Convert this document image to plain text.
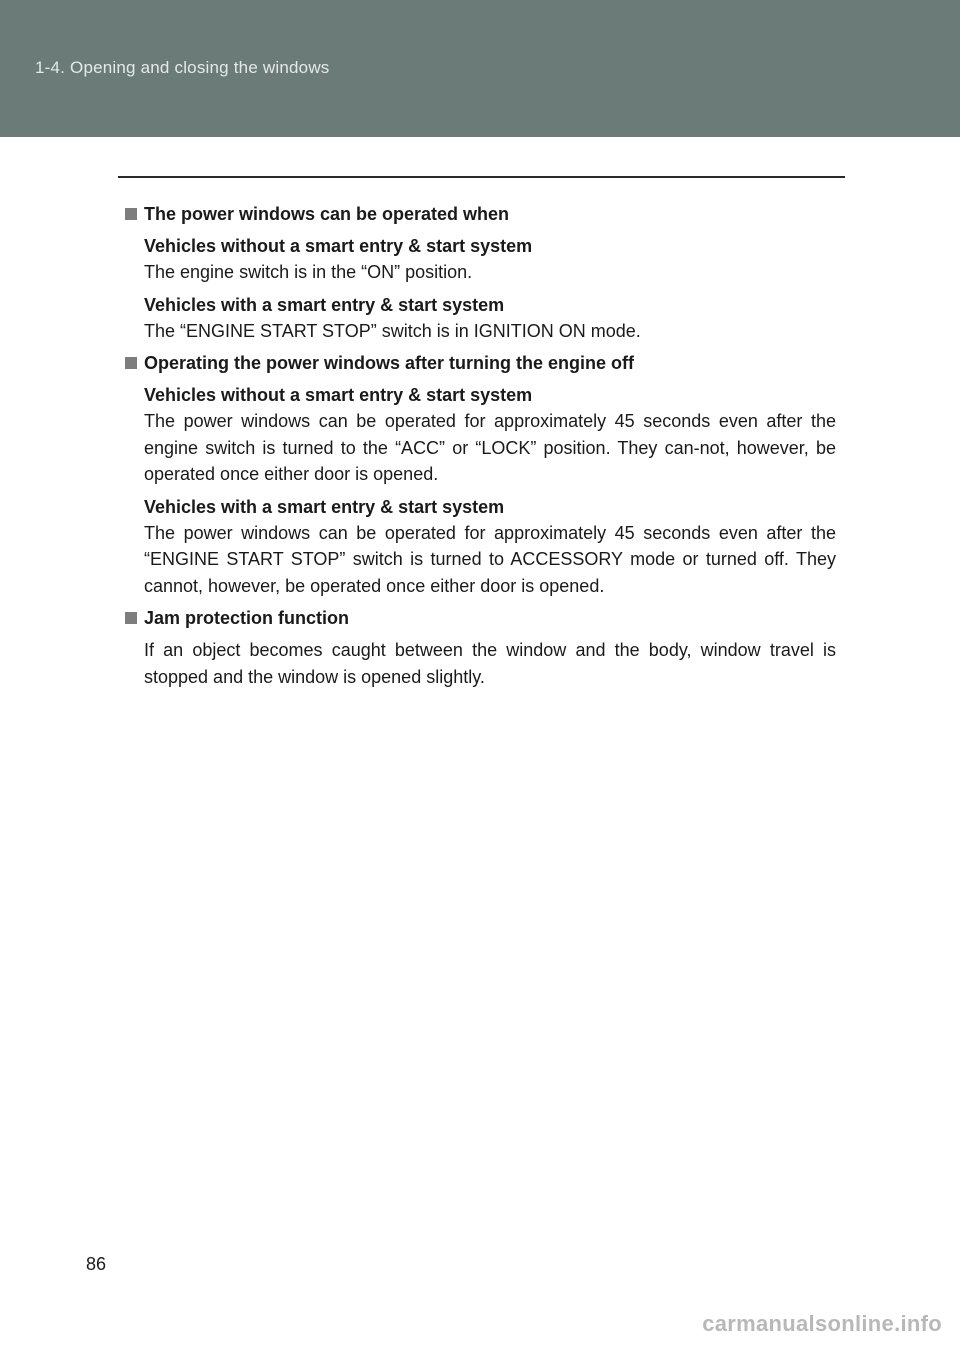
1-4. Opening and closing the windows
The power windows can be operated when
Vehicles without a smart entry & start system
The engine switch is in the “ON” position.
Vehicles with a smart entry & start system
The “ENGINE START STOP” switch is in IGNITION ON mode.
Operating the power windows after turning the engine off
Vehicles without a smart entry & start system
The power windows can be operated for approximately 45 seconds even after the engine switch is turned to the “ACC” or “LOCK” position. They can-not, however, be operated once either door is opened.
Vehicles with a smart entry & start system
The power windows can be operated for approximately 45 seconds even after the “ENGINE START STOP” switch is turned to ACCESSORY mode or turned off. They cannot, however, be operated once either door is opened.
Jam protection function
If an object becomes caught between the window and the body, window travel is stopped and the window is opened slightly.
86
carmanualsonline.info
